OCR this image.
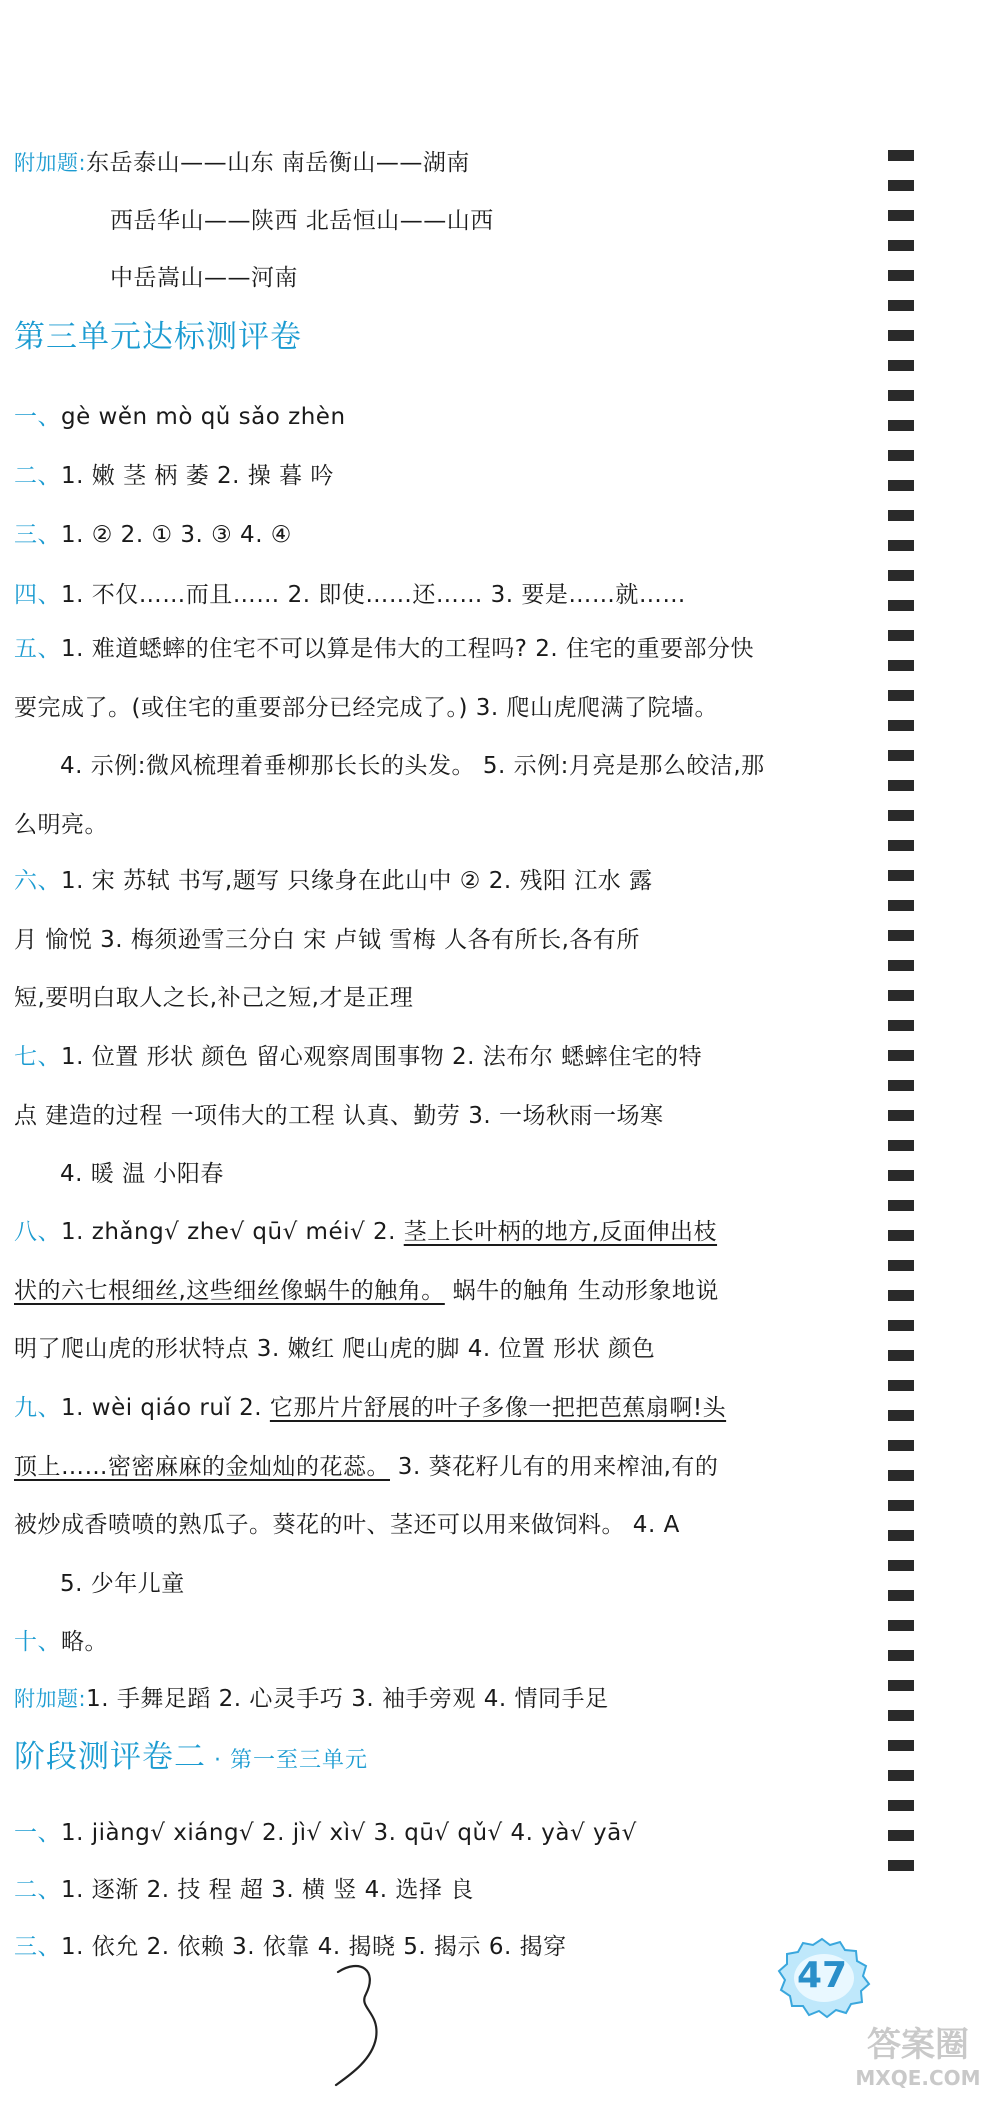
附加题:东岳泰山——山东 南岳衡山——湖南
西岳华山——陕西 北岳恒山——山西
中岳嵩山——河南
第三单元达标测评卷
一、gè wěn mò qǔ sǎo zhèn
二、1. 嫩 茎 柄 萎 2. 操 暮 吟
三、1. ② 2. ① 3. ③ 4. ④
四、1. 不仅……而且…… 2. 即使……还…… 3. 要是……就……
五、1. 难道蟋蟀的住宅不可以算是伟大的工程吗? 2. 住宅的重要部分快
要完成了。(或住宅的重要部分已经完成了。) 3. 爬山虎爬满了院墙。
4. 示例:微风梳理着垂柳那长长的头发。 5. 示例:月亮是那么皎洁,那
么明亮。
六、1. 宋 苏轼 书写,题写 只缘身在此山中 ② 2. 残阳 江水 露
月 愉悦 3. 梅须逊雪三分白 宋 卢钺 雪梅 人各有所长,各有所
短,要明白取人之长,补己之短,才是正理
七、1. 位置 形状 颜色 留心观察周围事物 2. 法布尔 蟋蟀住宅的特
点 建造的过程 一项伟大的工程 认真、勤劳 3. 一场秋雨一场寒
4. 暖 温 小阳春
八、1. zhǎng√ zhe√ qū√ méi√ 2. 茎上长叶柄的地方,反面伸出枝
状的六七根细丝,这些细丝像蜗牛的触角。 蜗牛的触角 生动形象地说
明了爬山虎的形状特点 3. 嫩红 爬山虎的脚 4. 位置 形状 颜色
九、1. wèi qiáo ruǐ 2. 它那片片舒展的叶子多像一把把芭蕉扇啊!头
顶上……密密麻麻的金灿灿的花蕊。 3. 葵花籽儿有的用来榨油,有的
被炒成香喷喷的熟瓜子。葵花的叶、茎还可以用来做饲料。 4. A
5. 少年儿童
十、略。
附加题:1. 手舞足蹈 2. 心灵手巧 3. 袖手旁观 4. 情同手足
阶段测评卷二 · 第一至三单元
一、1. jiàng√ xiáng√ 2. jì√ xì√ 3. qū√ qǔ√ 4. yà√ yā√
二、1. 逐渐 2. 技 程 超 3. 横 竖 4. 选择 良
三、1. 依允 2. 依赖 3. 依靠 4. 揭晓 5. 揭示 6. 揭穿
47
答案圈
MXQE.COM
